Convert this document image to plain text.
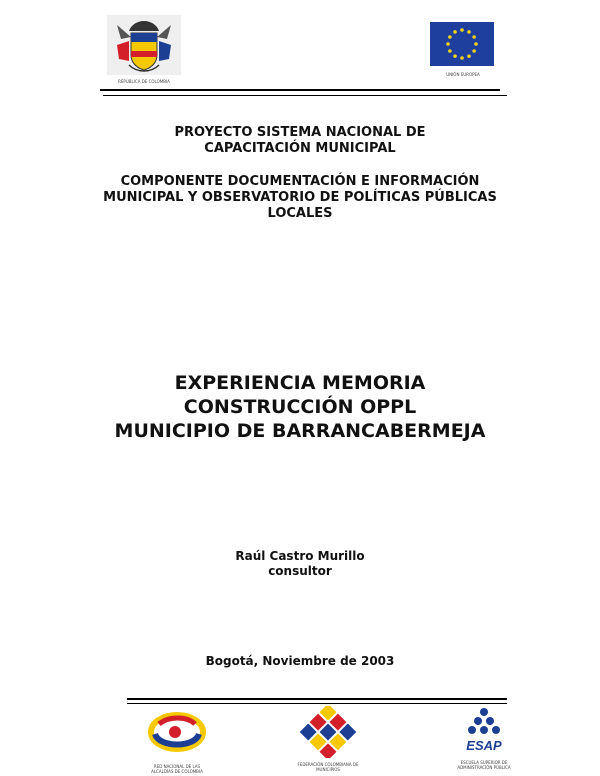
REPÚBLICA DE COLOMBIA
UNIÓN EUROPEA
PROYECTO SISTEMA NACIONAL DE
CAPACITACIÓN MUNICIPAL
COMPONENTE DOCUMENTACIÓN E INFORMACIÓN
MUNICIPAL Y OBSERVATORIO DE POLÍTICAS PÚBLICAS
LOCALES
EXPERIENCIA MEMORIA
CONSTRUCCIÓN OPPL
MUNICIPIO DE BARRANCABERMEJA
Raúl Castro Murillo
consultor
Bogotá, Noviembre de 2003
RED NACIONAL DE LAS ALCALDÍAS DE COLOMBIA
FEDERACIÓN COLOMBIANA DE MUNICIPIOS
ESAP
ESCUELA SUPERIOR DE ADMINISTRACIÓN PÚBLICA
